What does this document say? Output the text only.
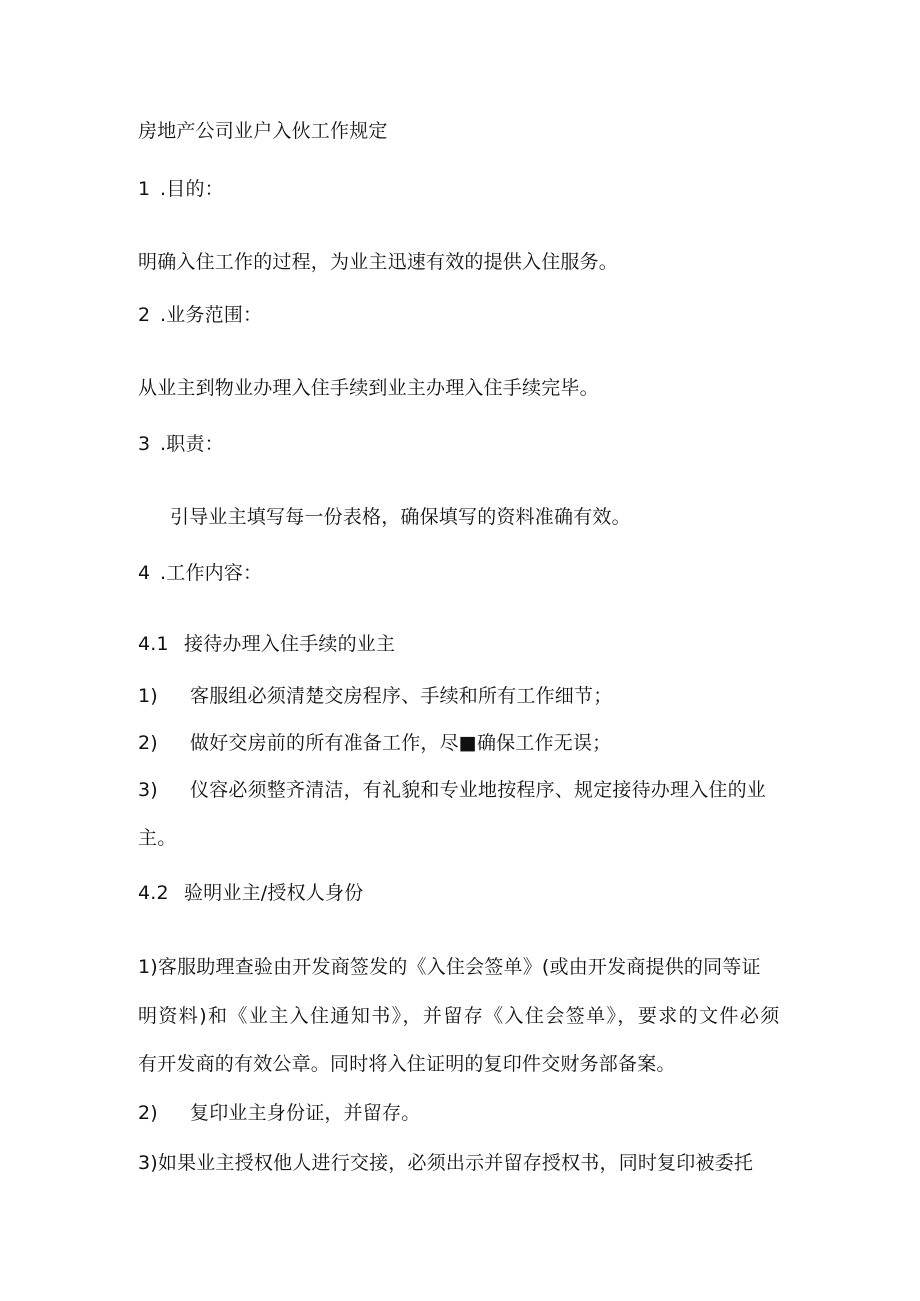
房地产公司业户入伙工作规定
1 .目的：
明确入住工作的过程，为业主迅速有效的提供入住服务。
2 .业务范围：
从业主到物业办理入住手续到业主办理入住手续完毕。
3 .职责：
引导业主填写每一份表格，确保填写的资料准确有效。
4 .工作内容：
4.1 接待办理入住手续的业主
1) 客服组必须清楚交房程序、手续和所有工作细节；
2) 做好交房前的所有准备工作，尽■确保工作无误；
3) 仪容必须整齐清洁，有礼貌和专业地按程序、规定接待办理入住的业
主。
4.2 验明业主/授权人身份
1)客服助理查验由开发商签发的《入住会签单》(或由开发商提供的同等证
明资料)和《业主入住通知书》，并留存《入住会签单》，要求的文件必须
有开发商的有效公章。同时将入住证明的复印件交财务部备案。
2) 复印业主身份证，并留存。
3)如果业主授权他人进行交接，必须出示并留存授权书，同时复印被委托
